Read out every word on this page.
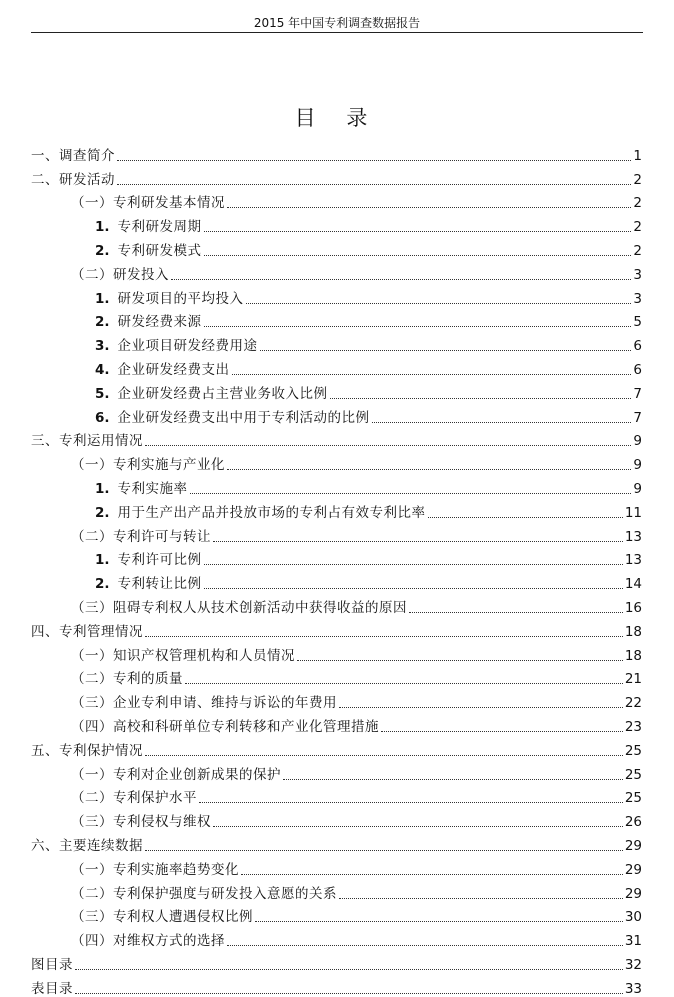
2015 年中国专利调查数据报告
目 录
一、调查简介	1
二、研发活动	2
（一）专利研发基本情况	2
1. 专利研发周期	2
2. 专利研发模式	2
（二）研发投入	3
1. 研发项目的平均投入	3
2. 研发经费来源	5
3. 企业项目研发经费用途	6
4. 企业研发经费支出	6
5. 企业研发经费占主营业务收入比例	7
6. 企业研发经费支出中用于专利活动的比例	7
三、专利运用情况	9
（一）专利实施与产业化	9
1. 专利实施率	9
2. 用于生产出产品并投放市场的专利占有效专利比率	11
（二）专利许可与转让	13
1. 专利许可比例	13
2. 专利转让比例	14
（三）阻碍专利权人从技术创新活动中获得收益的原因	16
四、专利管理情况	18
（一）知识产权管理机构和人员情况	18
（二）专利的质量	21
（三）企业专利申请、维持与诉讼的年费用	22
（四）高校和科研单位专利转移和产业化管理措施	23
五、专利保护情况	25
（一）专利对企业创新成果的保护	25
（二）专利保护水平	25
（三）专利侵权与维权	26
六、主要连续数据	29
（一）专利实施率趋势变化	29
（二）专利保护强度与研发投入意愿的关系	29
（三）专利权人遭遇侵权比例	30
（四）对维权方式的选择	31
图目录	32
表目录	33
